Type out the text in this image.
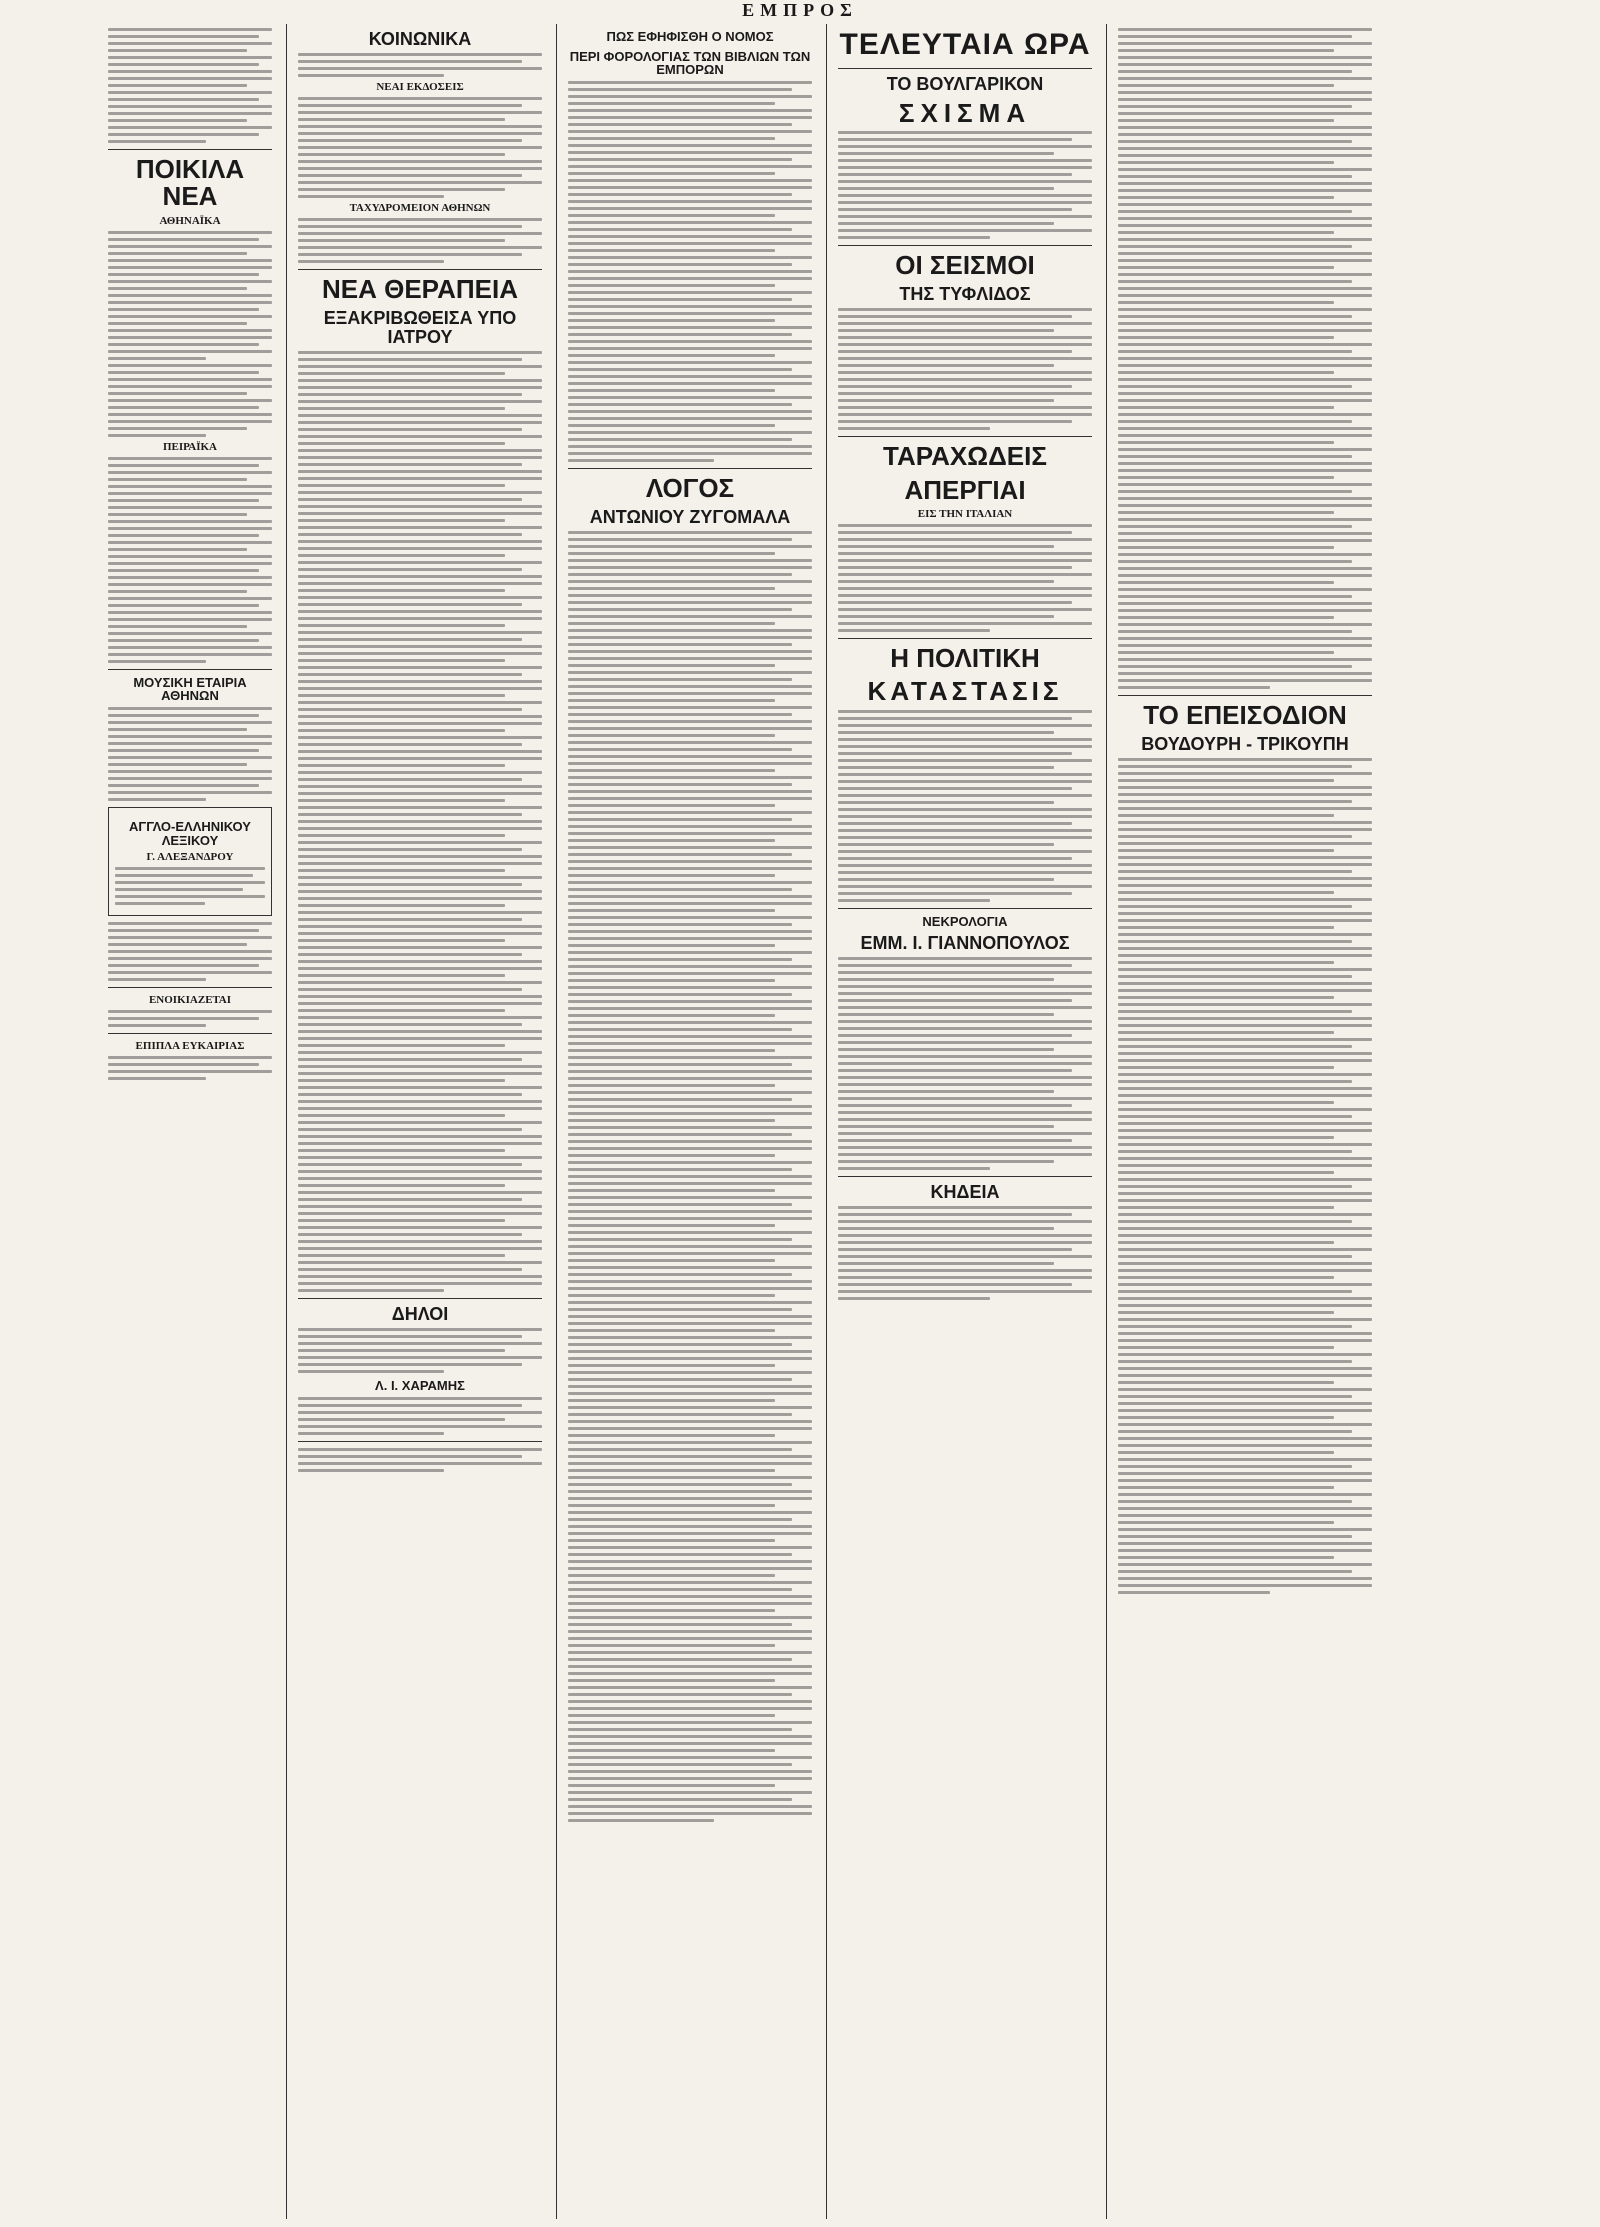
ΕΜΠΡΟΣ
ΠΟΙΚΙΛΑ ΝΕΑ
ΑΘΗΝΑΪΚΑ
ΠΕΙΡΑΪΚΑ
ΜΟΥΣΙΚΗ ΕΤΑΙΡΙΑ ΑΘΗΝΩΝ
ΑΓΓΛΟ-ΕΛΛΗΝΙΚΟΥ ΛΕΞΙΚΟΥ
Γ. ΑΛΕΞΑΝΔΡΟΥ
ΕΝΟΙΚΙΑΖΕΤΑΙ
ΕΠΙΠΛΑ ΕΥΚΑΙΡΙΑΣ
ΚΟΙΝΩΝΙΚΑ
ΝΕΑΙ ΕΚΔΟΣΕΙΣ
ΤΑΧΥΔΡΟΜΕΙΟΝ ΑΘΗΝΩΝ
ΝΕΑ ΘΕΡΑΠΕΙΑ
ΕΞΑΚΡΙΒΩΘΕΙΣΑ ΥΠΟ ΙΑΤΡΟΥ
ΔΗΛΟΙ
Λ. Ι. ΧΑΡΑΜΗΣ
ΠΩΣ ΕΦΗΦΙΣΘΗ Ο ΝΟΜΟΣ
ΠΕΡΙ ΦΟΡΟΛΟΓΙΑΣ ΤΩΝ ΒΙΒΛΙΩΝ ΤΩΝ ΕΜΠΟΡΩΝ
ΛΟΓΟΣ
ΑΝΤΩΝΙΟΥ ΖΥΓΟΜΑΛΑ
ΤΕΛΕΥΤΑΙΑ ΩΡΑ
ΤΟ ΒΟΥΛΓΑΡΙΚΟΝ
ΣΧΙΣΜΑ
ΟΙ ΣΕΙΣΜΟΙ
ΤΗΣ ΤΥΦΛΙΔΟΣ
ΤΑΡΑΧΩΔΕΙΣ
ΑΠΕΡΓΙΑΙ
ΕΙΣ ΤΗΝ ΙΤΑΛΙΑΝ
Η ΠΟΛΙΤΙΚΗ
ΚΑΤΑΣΤΑΣΙΣ
ΝΕΚΡΟΛΟΓΙΑ
ΕΜΜ. Ι. ΓΙΑΝΝΟΠΟΥΛΟΣ
ΚΗΔΕΙΑ
ΤΟ ΕΠΕΙΣΟΔΙΟΝ
ΒΟΥΔΟΥΡΗ - ΤΡΙΚΟΥΠΗ
